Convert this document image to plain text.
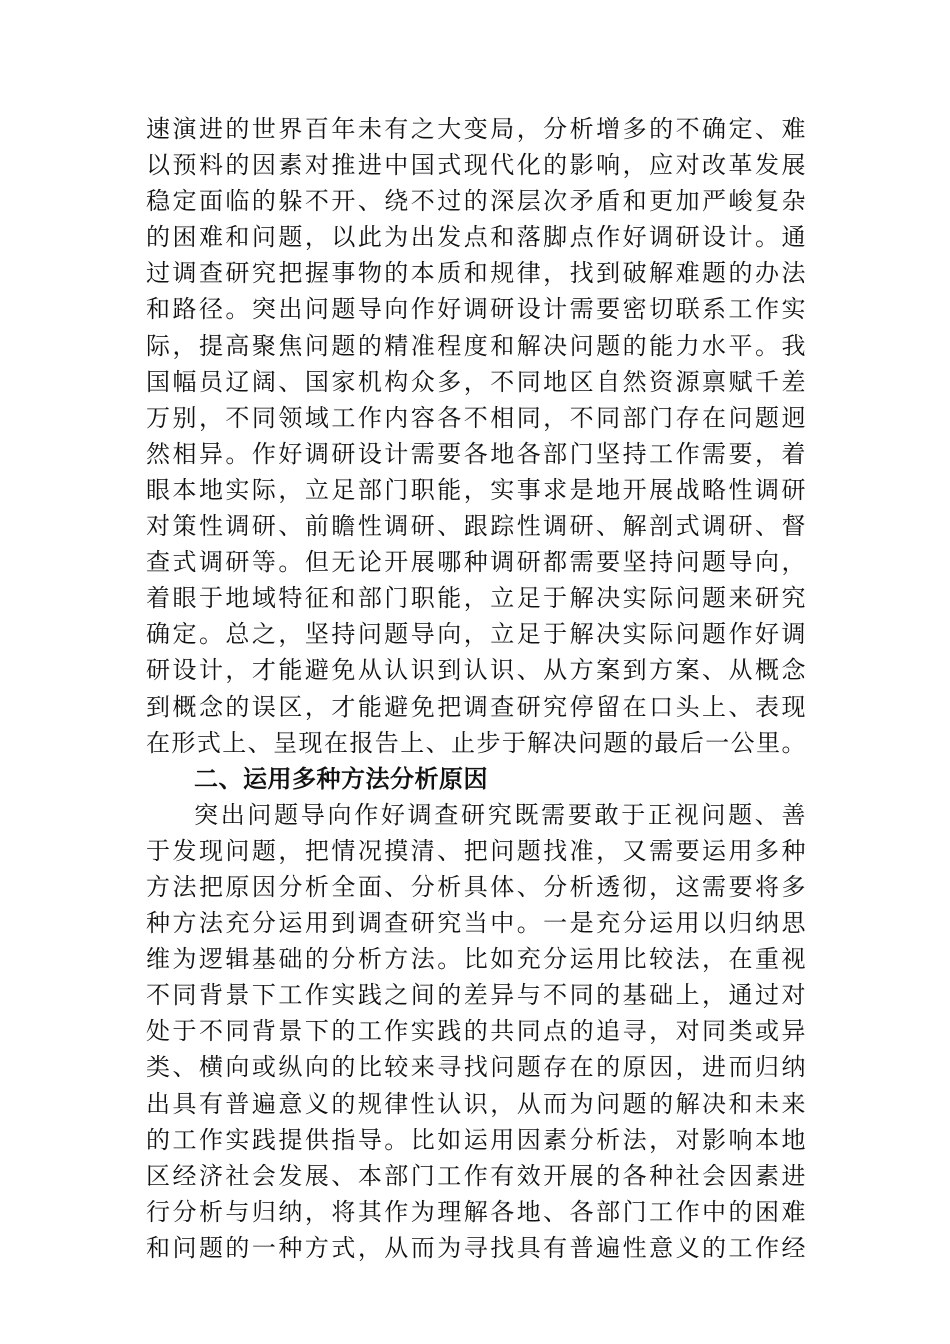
速演进的世界百年未有之大变局，分析增多的不确定、难
以预料的因素对推进中国式现代化的影响，应对改革发展
稳定面临的躲不开、绕不过的深层次矛盾和更加严峻复杂
的困难和问题，以此为出发点和落脚点作好调研设计。通
过调查研究把握事物的本质和规律，找到破解难题的办法
和路径。突出问题导向作好调研设计需要密切联系工作实
际，提高聚焦问题的精准程度和解决问题的能力水平。我
国幅员辽阔、国家机构众多，不同地区自然资源禀赋千差
万别，不同领域工作内容各不相同，不同部门存在问题迥
然相异。作好调研设计需要各地各部门坚持工作需要，着
眼本地实际，立足部门职能，实事求是地开展战略性调研
对策性调研、前瞻性调研、跟踪性调研、解剖式调研、督
查式调研等。但无论开展哪种调研都需要坚持问题导向，
着眼于地域特征和部门职能，立足于解决实际问题来研究
确定。总之，坚持问题导向，立足于解决实际问题作好调
研设计，才能避免从认识到认识、从方案到方案、从概念
到概念的误区，才能避免把调查研究停留在口头上、表现
在形式上、呈现在报告上、止步于解决问题的最后一公里。
二、运用多种方法分析原因
突出问题导向作好调查研究既需要敢于正视问题、善
于发现问题，把情况摸清、把问题找准，又需要运用多种
方法把原因分析全面、分析具体、分析透彻，这需要将多
种方法充分运用到调查研究当中。一是充分运用以归纳思
维为逻辑基础的分析方法。比如充分运用比较法，在重视
不同背景下工作实践之间的差异与不同的基础上，通过对
处于不同背景下的工作实践的共同点的追寻，对同类或异
类、横向或纵向的比较来寻找问题存在的原因，进而归纳
出具有普遍意义的规律性认识，从而为问题的解决和未来
的工作实践提供指导。比如运用因素分析法，对影响本地
区经济社会发展、本部门工作有效开展的各种社会因素进
行分析与归纳，将其作为理解各地、各部门工作中的困难
和问题的一种方式，从而为寻找具有普遍性意义的工作经
